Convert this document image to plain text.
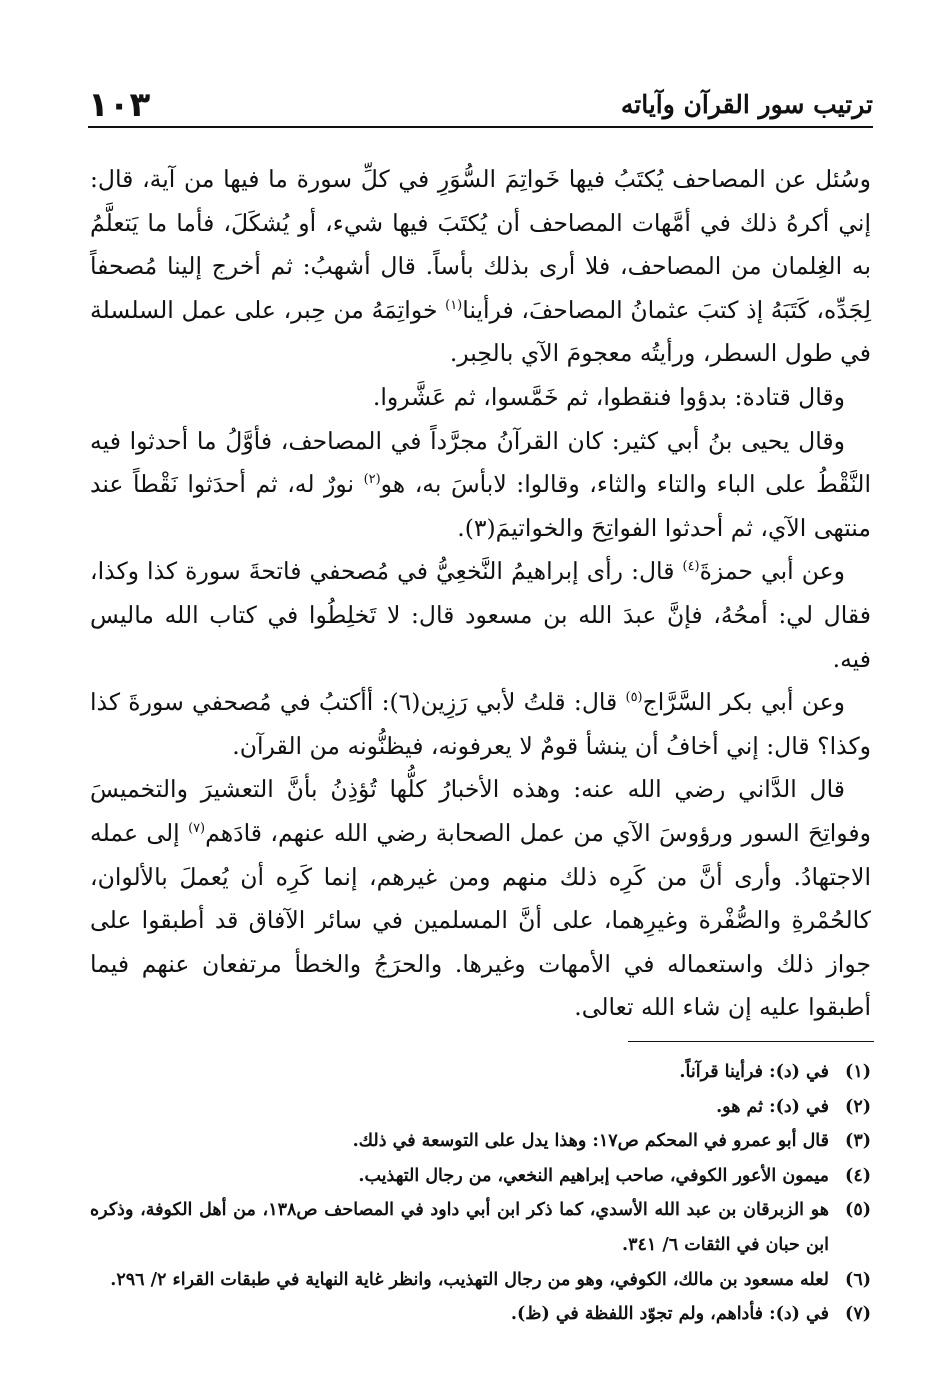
ترتيب سور القرآن وآياته
١٠٣

وسُئل عن المصاحف يُكتَبُ فيها خَواتِمَ السُّوَرِ في كلِّ سورة ما فيها من آية، قال: إني أكرهُ ذلك في أمَّهات المصاحف أن يُكتَبَ فيها شيء، أو يُشكَلَ، فأما ما يَتعلَّمُ به الغِلمان من المصاحف، فلا أرى بذلك بأساً. قال أشهبُ: ثم أخرج إلينا مُصحفاً لِجَدِّه، كَتَبَهُ إذ كتبَ عثمانُ المصاحفَ، فرأينا$^{(١)}$ خواتِمَهُ من حِبر، على عمل السلسلة في طول السطر، ورأيتُه معجومَ الآي بالحِبر.

وقال قتادة: بدؤوا فنقطوا، ثم خَمَّسوا، ثم عَشَّروا.

وقال يحيى بنُ أبي كثير: كان القرآنُ مجرَّداً في المصاحف، فأوَّلُ ما أحدثوا فيه النَّقْطُ على الباء والتاء والثاء، وقالوا: لابأسَ به، هو$^{(٢)}$ نورٌ له، ثم أحدَثوا نَقْطاً عند منتهى الآي، ثم أحدثوا الفواتِحَ والخواتيمَ(٣).

وعن أبي حمزةَ$^{(٤)}$ قال: رأى إبراهيمُ النَّخعِيُّ في مُصحفي فاتحةَ سورة كذا وكذا، فقال لي: أمحُهُ، فإنَّ عبدَ الله بن مسعود قال: لا تَخلِطُوا في كتاب الله ماليس فيه.

وعن أبي بكر السَّرَّاج$^{(٥)}$ قال: قلتُ لأبي رَزِين(٦): أأكتبُ في مُصحفي سورةَ كذا وكذا؟ قال: إني أخافُ أن ينشأ قومٌ لا يعرفونه، فيظنُّونه من القرآن.

قال الدَّاني رضي الله عنه: وهذه الأخبارُ كلُّها تُؤذِنُ بأنَّ التعشيرَ والتخميسَ وفواتِحَ السور ورؤوسَ الآي من عمل الصحابة رضي الله عنهم، قادَهم$^{(٧)}$ إلى عمله الاجتهادُ. وأرى أنَّ من كَرِه ذلك منهم ومن غيرهم، إنما كَرِه أن يُعملَ بالألوان، كالحُمْرةِ والصُّفْرة وغيرِهما، على أنَّ المسلمين في سائر الآفاق قد أطبقوا على جواز ذلك واستعماله في الأمهات وغيرها. والحرَجُ والخطأ مرتفعان عنهم فيما أطبقوا عليه إن شاء الله تعالى.

(١)
في (د): فرأينا قرآناً.
(٢)
في (د): ثم هو.
(٣)
قال أبو عمرو في المحكم ص١٧: وهذا يدل على التوسعة في ذلك.
(٤)
ميمون الأعور الكوفي، صاحب إبراهيم النخعي، من رجال التهذيب.
(٥)
هو الزبرقان بن عبد الله الأسدي، كما ذكر ابن أبي داود في المصاحف ص١٣٨، من أهل الكوفة، وذكره ابن حبان في الثقات ٦/ ٣٤١.
(٦)
لعله مسعود بن مالك، الكوفي، وهو من رجال التهذيب، وانظر غاية النهاية في طبقات القراء ٢/ ٢٩٦.
(٧)
في (د): فأداهم، ولم تجوّد اللفظة في (ظ).
